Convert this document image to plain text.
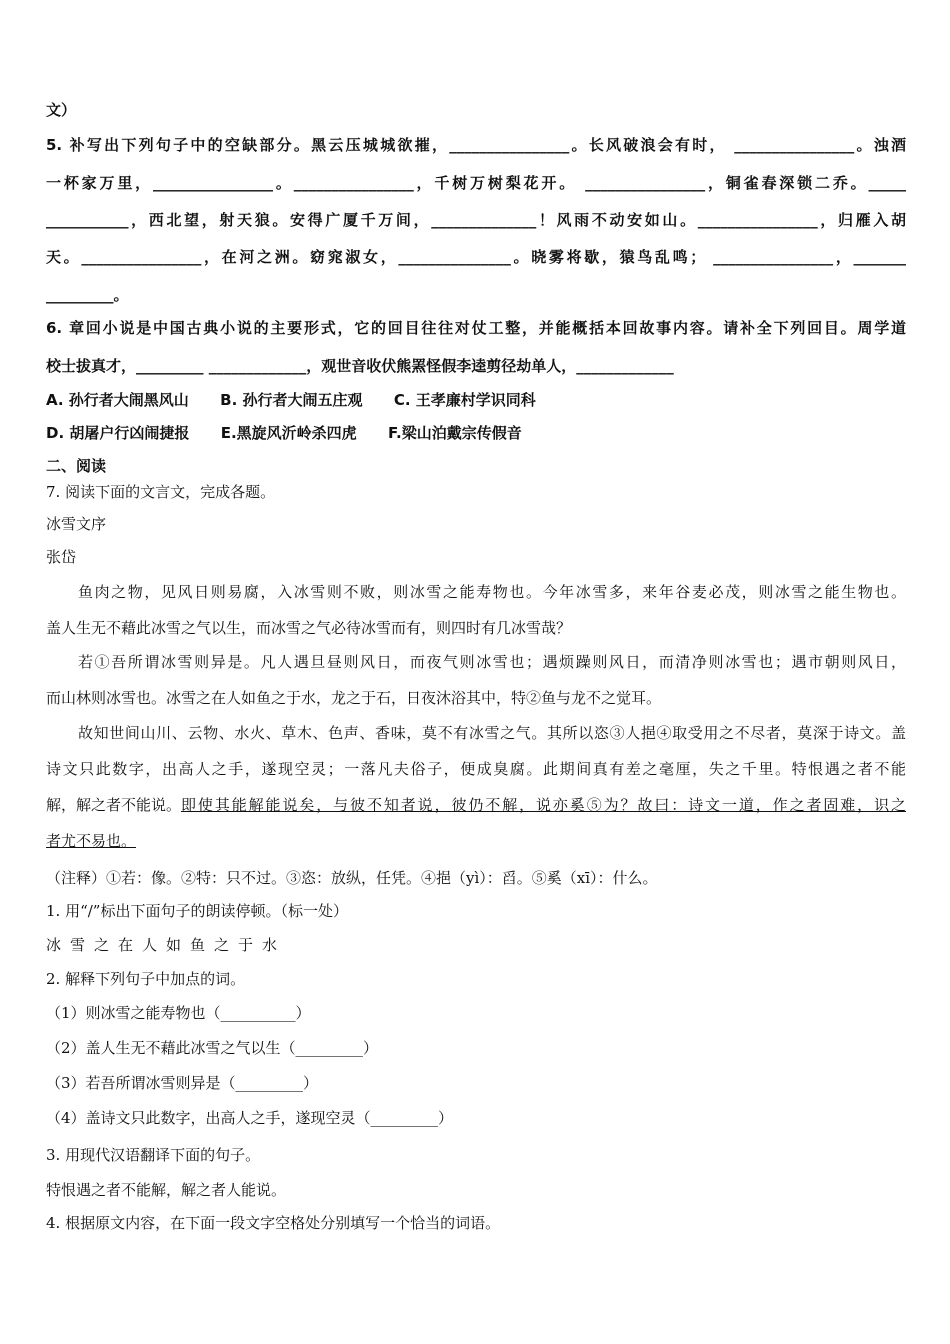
文）
5. 补写出下列句子中的空缺部分。黑云压城城欲摧，________________。长风破浪会有时， ________________。浊酒
一杯家万里，________________。________________，千树万树梨花开。 ________________，铜雀春深锁二乔。_____
___________，西北望，射天狼。安得广厦千万间，______________！风雨不动安如山。________________，归雁入胡
天。________________，在河之洲。窈窕淑女，_______________。晓雾将歇，猿鸟乱鸣； ________________，_______
_________。
6. 章回小说是中国古典小说的主要形式，它的回目往往对仗工整，并能概括本回故事内容。请补全下列回目。周学道
校士拔真才，_________ _____________，观世音收伏熊罴怪假李逵剪径劫单人，_____________
A. 孙行者大闹黑风山      B. 孙行者大闹五庄观      C. 王孝廉村学识同科
D. 胡屠户行凶闹捷报      E.黑旋风沂岭杀四虎      F.梁山泊戴宗传假音
二、阅读
7. 阅读下面的文言文，完成各题。
冰雪文序
张岱
鱼肉之物，见风日则易腐，入冰雪则不败，则冰雪之能寿物也。今年冰雪多，来年谷麦必茂，则冰雪之能生物也。
盖人生无不藉此冰雪之气以生，而冰雪之气必待冰雪而有，则四时有几冰雪哉？
若①吾所谓冰雪则异是。凡人遇旦昼则风日，而夜气则冰雪也；遇烦躁则风日，而清净则冰雪也；遇市朝则风日，
而山林则冰雪也。冰雪之在人如鱼之于水，龙之于石，日夜沐浴其中，特②鱼与龙不之觉耳。
故知世间山川、云物、水火、草木、色声、香味，莫不有冰雪之气。其所以恣③人挹④取受用之不尽者，莫深于诗文。盖
诗文只此数字，出高人之手，遂现空灵；一落凡夫俗子，便成臭腐。此期间真有差之毫厘，失之千里。特恨遇之者不能
解，解之者不能说。 即使其能解能说矣，与彼不知者说，彼仍不解，说亦奚⑤为？故曰：诗文一道，作之者固难，识之
者尤不易也。
（注释）①若：像。②特：只不过。③恣：放纵，任凭。④挹（yì）：舀。⑤奚（xī）：什么。
1. 用“/”标出下面句子的朗读停顿。（标一处）
冰雪之在人如鱼之于水
2. 解释下列句子中加点的词。
（1）则冰雪之能寿物也（__________）
（2）盖人生无不藉此冰雪之气以生（_________）
（3）若吾所谓冰雪则异是（_________）
（4）盖诗文只此数字，出高人之手，遂现空灵（_________）
3. 用现代汉语翻译下面的句子。
特恨遇之者不能解，解之者人能说。
4. 根据原文内容，在下面一段文字空格处分别填写一个恰当的词语。
